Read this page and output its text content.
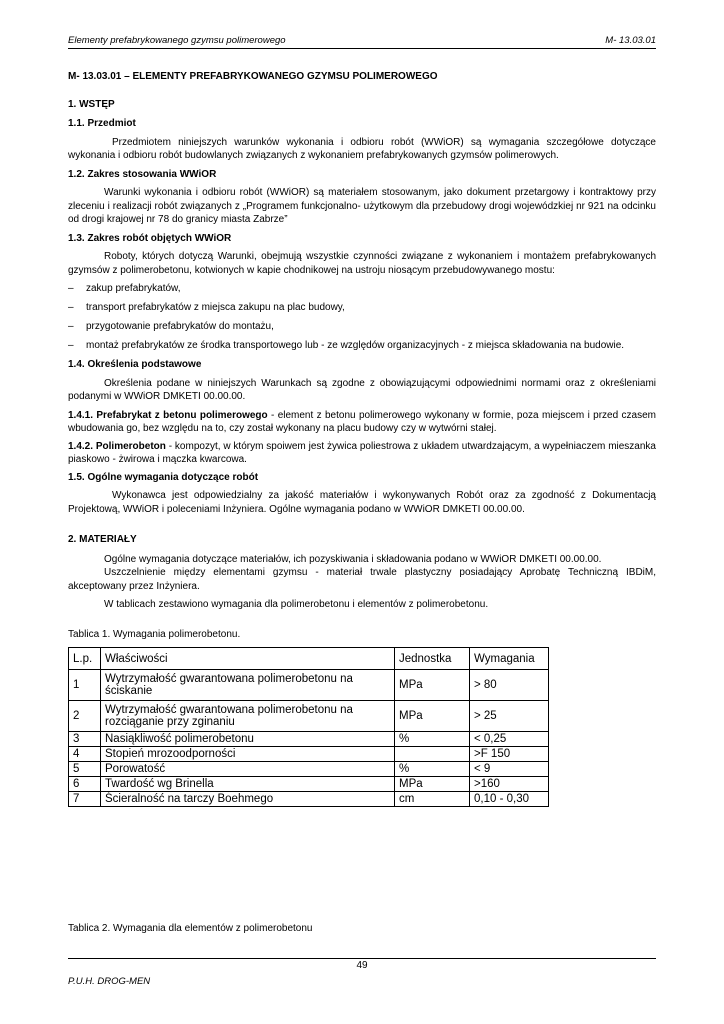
Elementy prefabrykowanego gzymsu polimerowego	M- 13.03.01

M- 13.03.01 – ELEMENTY PREFABRYKOWANEGO GZYMSU POLIMEROWEGO

1. WSTĘP

1.1. Przedmiot

Przedmiotem niniejszych warunków wykonania i odbioru robót (WWiOR) są wymagania szczegółowe dotyczące wykonania i odbioru robót budowlanych związanych z wykonaniem prefabrykowanych gzymsów polimerowych.

1.2. Zakres stosowania WWiOR

Warunki wykonania i odbioru robót (WWiOR) są materiałem stosowanym, jako dokument przetargowy i kontraktowy przy zleceniu i realizacji robót związanych z „Programem funkcjonalno- użytkowym dla przebudowy drogi wojewódzkiej nr 921 na odcinku od drogi krajowej nr 78 do granicy miasta Zabrze”

1.3. Zakres robót objętych WWiOR

Roboty, których dotyczą Warunki, obejmują wszystkie czynności związane z wykonaniem i montażem prefabrykowanych gzymsów z polimerobetonu, kotwionych w kapie chodnikowej na ustroju niosącym przebudowywanego mostu:

– zakup prefabrykatów,
– transport prefabrykatów z miejsca zakupu na plac budowy,
– przygotowanie prefabrykatów do montażu,
– montaż prefabrykatów ze środka transportowego lub - ze względów organizacyjnych - z miejsca składowania na budowie.

1.4. Określenia podstawowe

Określenia podane w niniejszych Warunkach są zgodne z obowiązującymi odpowiednimi normami oraz z określeniami podanymi w WWiOR DMKETI 00.00.00.

1.4.1. Prefabrykat z betonu polimerowego - element z betonu polimerowego wykonany w formie, poza miejscem i przed czasem wbudowania go, bez względu na to, czy został wykonany na placu budowy czy w wytwórni stałej.

1.4.2. Polimerobeton - kompozyt, w którym spoiwem jest żywica poliestrowa z układem utwardzającym, a wypełniaczem mieszanka piaskowo - żwirowa i mączka kwarcowa.

1.5. Ogólne wymagania dotyczące robót

Wykonawca jest odpowiedzialny za jakość materiałów i wykonywanych Robót oraz za zgodność z Dokumentacją Projektową, WWiOR i poleceniami Inżyniera. Ogólne wymagania podano w WWiOR DMKETI 00.00.00.

2. MATERIAŁY

Ogólne wymagania dotyczące materiałów, ich pozyskiwania i składowania podano w WWiOR DMKETI 00.00.00.

Uszczelnienie między elementami gzymsu - materiał trwale plastyczny posiadający Aprobatę Techniczną IBDiM, akceptowany przez Inżyniera.

W tablicach zestawiono wymagania dla polimerobetonu i elementów z polimerobetonu.

Tablica 1. Wymagania polimerobetonu.

L.p.	Właściwości	Jednostka	Wymagania
1	Wytrzymałość gwarantowana polimerobetonu na ściskanie	MPa	> 80
2	Wytrzymałość gwarantowana polimerobetonu na rozciąganie przy zginaniu	MPa	> 25
3	Nasiąkliwość polimerobetonu	%	< 0,25
4	Stopień mrozoodporności		>F 150
5	Porowatość	%	< 9
6	Twardość wg Brinella	MPa	>160
7	Ścieralność na tarczy Boehmego	cm	0,10 - 0,30
Tablica 2. Wymagania dla elementów z polimerobetonu
49
P.U.H. DROG-MEN
